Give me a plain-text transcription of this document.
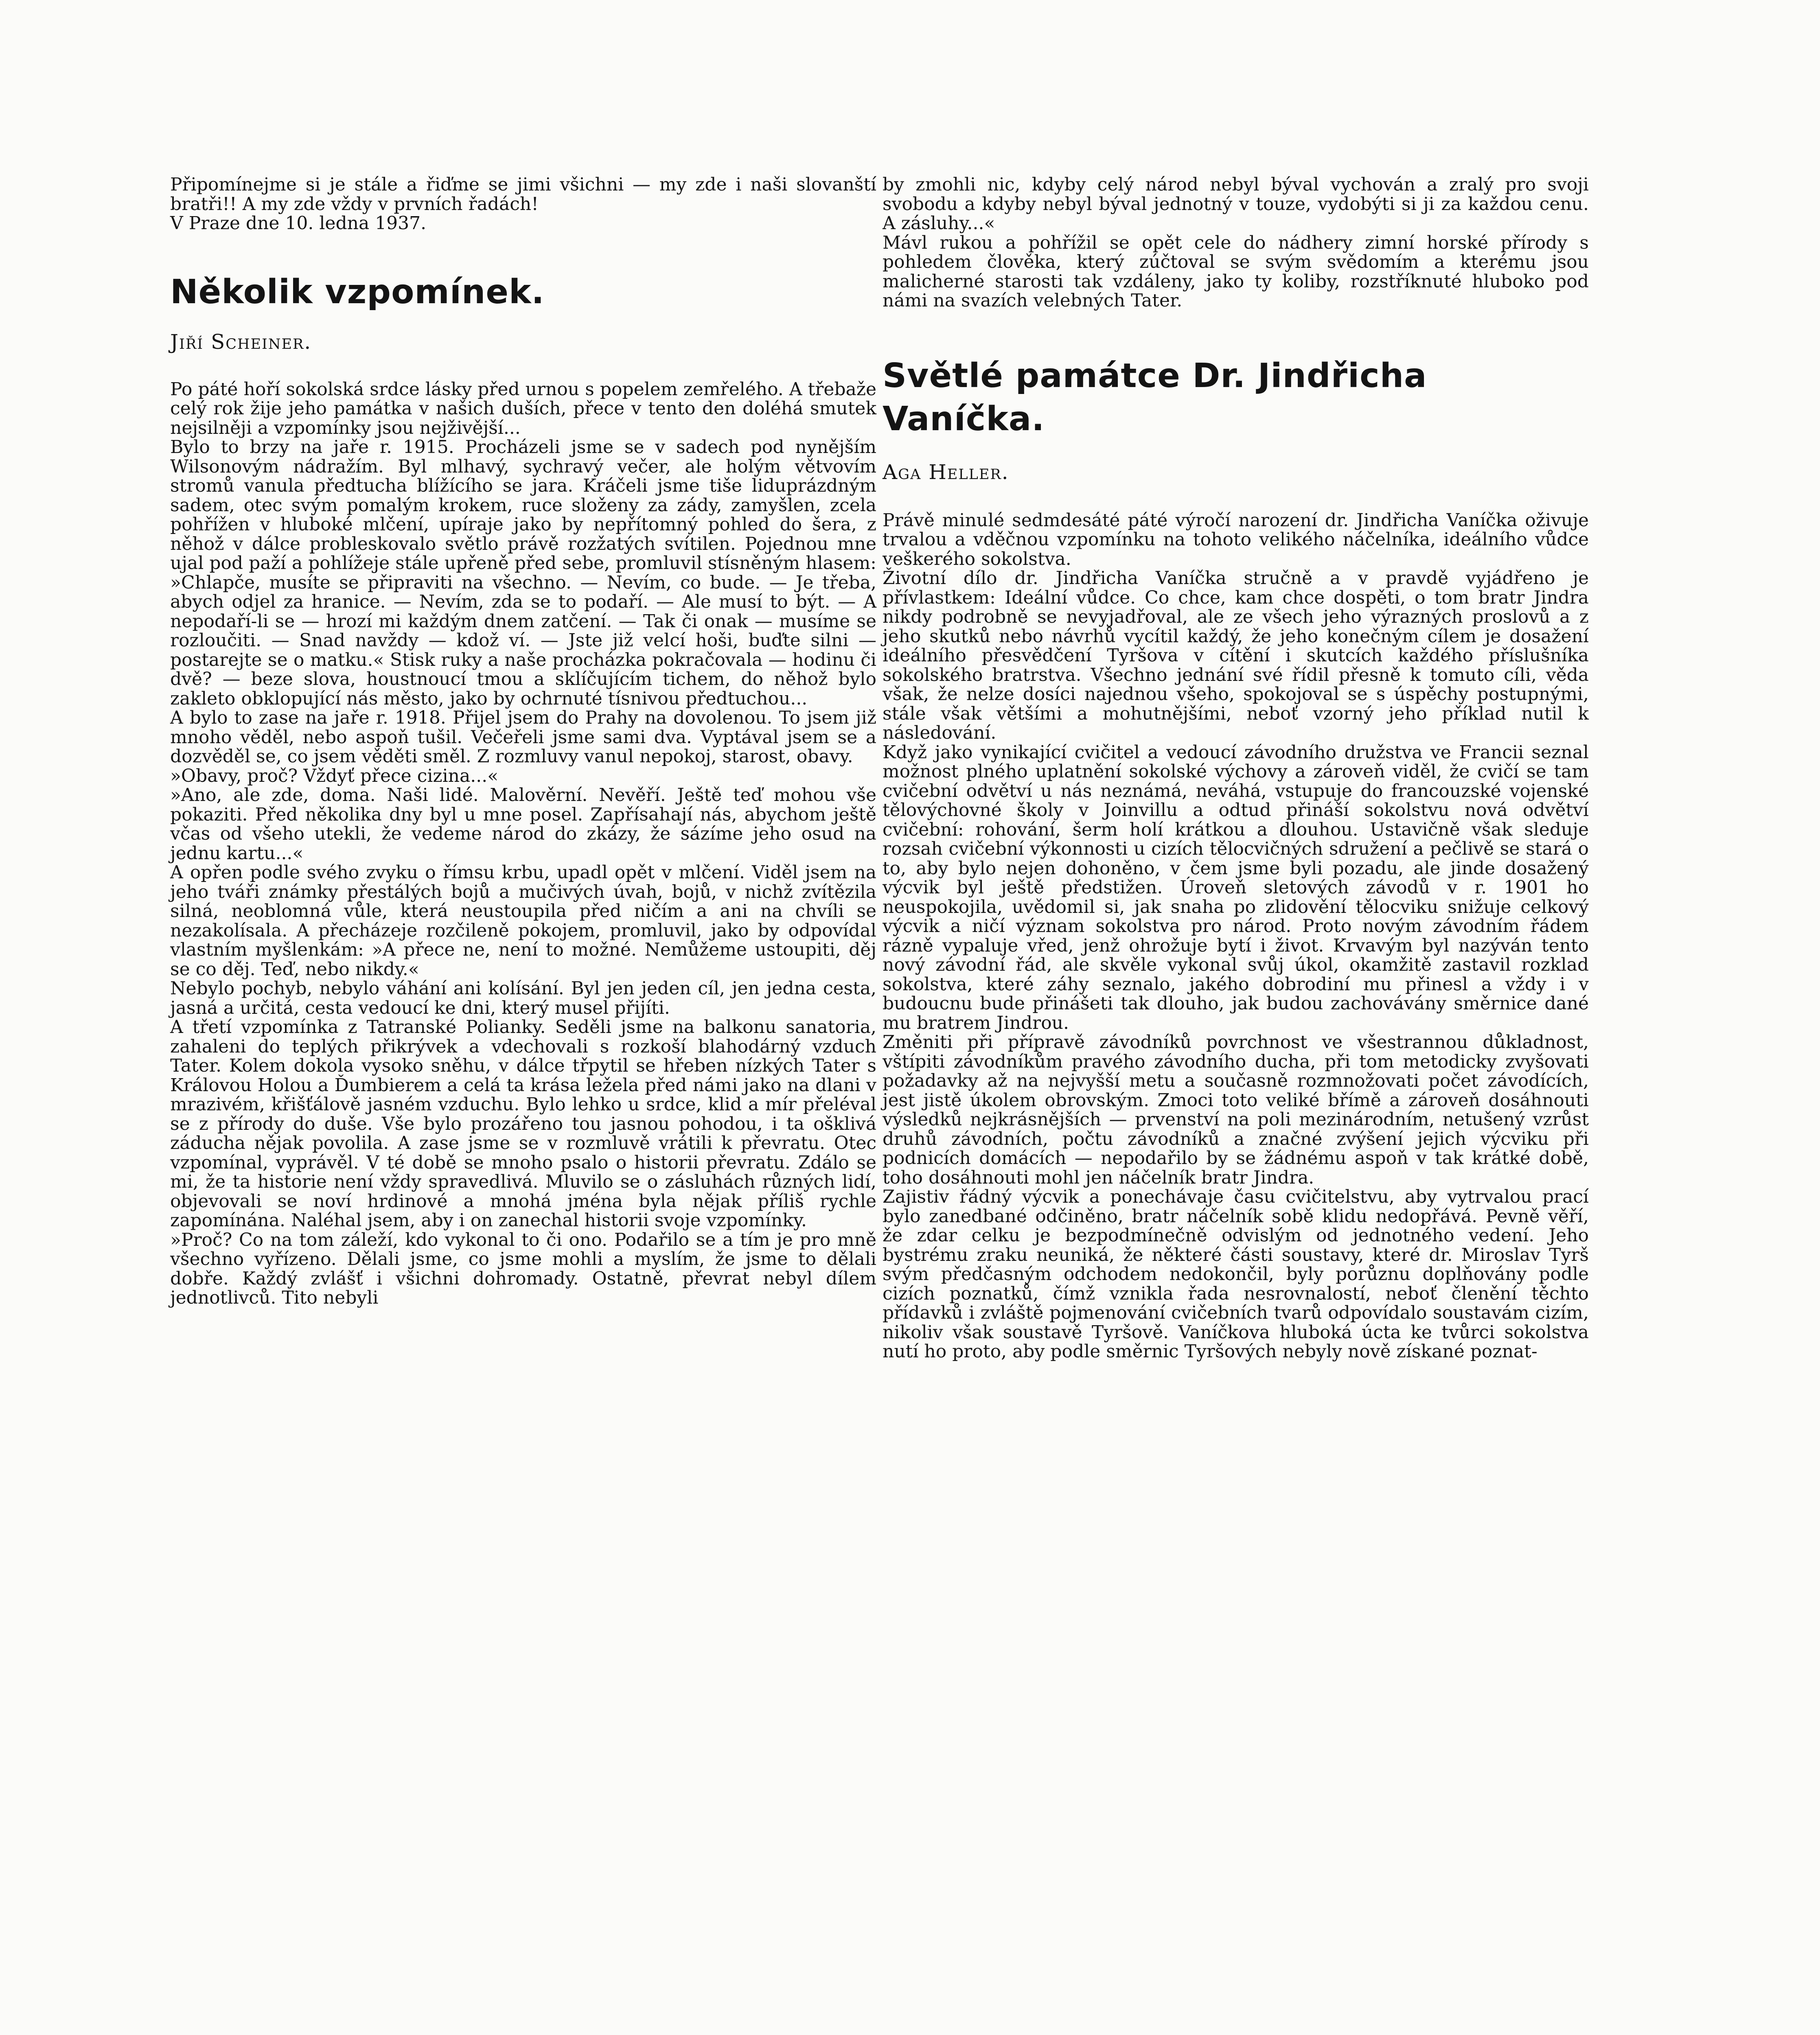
Připomínejme si je stále a řiďme se jimi všichni — my zde i naši slovanští bratři!! A my zde vždy v prvních řadách!

V Praze dne 10. ledna 1937.

Několik vzpomínek.

Jiří Scheiner.

Po páté hoří sokolská srdce lásky před urnou s popelem zemřelého. A třebaže celý rok žije jeho památka v našich duších, přece v tento den doléhá smutek nejsilněji a vzpomínky jsou nejživější...

Bylo to brzy na jaře r. 1915. Procházeli jsme se v sadech pod nynějším Wilsonovým nádražím. Byl mlhavý, sychravý večer, ale holým větvovím stromů vanula předtucha blížícího se jara. Kráčeli jsme tiše liduprázdným sadem, otec svým pomalým krokem, ruce složeny za zády, zamyšlen, zcela pohřížen v hluboké mlčení, upíraje jako by nepřítomný pohled do šera, z něhož v dálce probleskovalo světlo právě rozžatých svítilen. Pojednou mne ujal pod paží a pohlížeje stále upřeně před sebe, promluvil stísněným hlasem: »Chlapče, musíte se připraviti na všechno. — Nevím, co bude. — Je třeba, abych odjel za hranice. — Nevím, zda se to podaří. — Ale musí to být. — A nepodaří-li se — hrozí mi každým dnem zatčení. — Tak či onak — musíme se rozloučiti. — Snad navždy — kdož ví. — Jste již velcí hoši, buďte silni — postarejte se o matku.« Stisk ruky a naše procházka pokračovala — hodinu či dvě? — beze slova, houstnoucí tmou a sklíčujícím tichem, do něhož bylo zakleto obklopující nás město, jako by ochrnuté tísnivou předtuchou...

A bylo to zase na jaře r. 1918. Přijel jsem do Prahy na dovolenou. To jsem již mnoho věděl, nebo aspoň tušil. Večeřeli jsme sami dva. Vyptával jsem se a dozvěděl se, co jsem věděti směl. Z rozmluvy vanul nepokoj, starost, obavy.

»Obavy, proč? Vždyť přece cizina...«

»Ano, ale zde, doma. Naši lidé. Malověrní. Nevěří. Ještě teď mohou vše pokaziti. Před několika dny byl u mne posel. Zapřísahají nás, abychom ještě včas od všeho utekli, že vedeme národ do zkázy, že sázíme jeho osud na jednu kartu...«

A opřen podle svého zvyku o římsu krbu, upadl opět v mlčení. Viděl jsem na jeho tváři známky přestálých bojů a mučivých úvah, bojů, v nichž zvítězila silná, neoblomná vůle, která neustoupila před ničím a ani na chvíli se nezakolísala. A přecházeje rozčileně pokojem, promluvil, jako by odpovídal vlastním myšlenkám: »A přece ne, není to možné. Nemůžeme ustoupiti, děj se co děj. Teď, nebo nikdy.«

Nebylo pochyb, nebylo váhání ani kolísání. Byl jen jeden cíl, jen jedna cesta, jasná a určitá, cesta vedoucí ke dni, který musel přijíti.

A třetí vzpomínka z Tatranské Polianky. Seděli jsme na balkonu sanatoria, zahaleni do teplých přikrývek a vdechovali s rozkoší blahodárný vzduch Tater. Kolem dokola vysoko sněhu, v dálce třpytil se hřeben nízkých Tater s Královou Holou a Ďumbierem a celá ta krása ležela před námi jako na dlani v mrazivém, křišťálově jasném vzduchu. Bylo lehko u srdce, klid a mír přeléval se z přírody do duše. Vše bylo prozářeno tou jasnou pohodou, i ta ošklivá záducha nějak povolila. A zase jsme se v rozmluvě vrátili k převratu. Otec vzpomínal, vyprávěl. V té době se mnoho psalo o historii převratu. Zdálo se mi, že ta historie není vždy spravedlivá. Mluvilo se o zásluhách různých lidí, objevovali se noví hrdinové a mnohá jména byla nějak příliš rychle zapomínána. Naléhal jsem, aby i on zanechal historii svoje vzpomínky.

»Proč? Co na tom záleží, kdo vykonal to či ono. Podařilo se a tím je pro mně všechno vyřízeno. Dělali jsme, co jsme mohli a myslím, že jsme to dělali dobře. Každý zvlášť i všichni dohromady. Ostatně, převrat nebyl dílem jednotlivců. Tito nebyli

by zmohli nic, kdyby celý národ nebyl býval vychován a zralý pro svoji svobodu a kdyby nebyl býval jednotný v touze, vydobýti si ji za každou cenu. A zásluhy...«

Mávl rukou a pohřížil se opět cele do nádhery zimní horské přírody s pohledem člověka, který zúčtoval se svým svědomím a kterému jsou malicherné starosti tak vzdáleny, jako ty koliby, rozstříknuté hluboko pod námi na svazích velebných Tater.

Světlé památce Dr. Jindřicha Vaníčka.

Aga Heller.

Právě minulé sedmdesáté páté výročí narození dr. Jindřicha Vaníčka oživuje trvalou a vděčnou vzpomínku na tohoto velikého náčelníka, ideálního vůdce veškerého sokolstva.

Životní dílo dr. Jindřicha Vaníčka stručně a v pravdě vyjádřeno je přívlastkem: Ideální vůdce. Co chce, kam chce dospěti, o tom bratr Jindra nikdy podrobně se nevyjadřoval, ale ze všech jeho výrazných proslovů a z jeho skutků nebo návrhů vycítil každý, že jeho konečným cílem je dosažení ideálního přesvědčení Tyršova v cítění i skutcích každého příslušníka sokolského bratrstva. Všechno jednání své řídil přesně k tomuto cíli, věda však, že nelze dosíci najednou všeho, spokojoval se s úspěchy postupnými, stále však většími a mohutnějšími, neboť vzorný jeho příklad nutil k následování.

Když jako vynikající cvičitel a vedoucí závodního družstva ve Francii seznal možnost plného uplatnění sokolské výchovy a zároveň viděl, že cvičí se tam cvičební odvětví u nás neznámá, neváhá, vstupuje do francouzské vojenské tělovýchovné školy v Joinvillu a odtud přináší sokolstvu nová odvětví cvičební: rohování, šerm holí krátkou a dlouhou. Ustavičně však sleduje rozsah cvičební výkonnosti u cizích tělocvičných sdružení a pečlivě se stará o to, aby bylo nejen dohoněno, v čem jsme byli pozadu, ale jinde dosažený výcvik byl ještě předstižen. Úroveň sletových závodů v r. 1901 ho neuspokojila, uvědomil si, jak snaha po zlidovění tělocviku snižuje celkový výcvik a ničí význam sokolstva pro národ. Proto novým závodním řádem rázně vypaluje vřed, jenž ohrožuje bytí i život. Krvavým byl nazýván tento nový závodní řád, ale skvěle vykonal svůj úkol, okamžitě zastavil rozklad sokolstva, které záhy seznalo, jakého dobrodiní mu přinesl a vždy i v budoucnu bude přinášeti tak dlouho, jak budou zachovávány směrnice dané mu bratrem Jindrou.

Změniti při přípravě závodníků povrchnost ve všestrannou důkladnost, vštípiti závodníkům pravého závodního ducha, při tom metodicky zvyšovati požadavky až na nejvyšší metu a současně rozmnožovati počet závodících, jest jistě úkolem obrovským. Zmoci toto veliké břímě a zároveň dosáhnouti výsledků nejkrásnějších — prvenství na poli mezinárodním, netušený vzrůst druhů závodních, počtu závodníků a značné zvýšení jejich výcviku při podnicích domácích — nepodařilo by se žádnému aspoň v tak krátké době, toho dosáhnouti mohl jen náčelník bratr Jindra.

Zajistiv řádný výcvik a ponechávaje času cvičitelstvu, aby vytrvalou prací bylo zanedbané odčiněno, bratr náčelník sobě klidu nedopřává. Pevně věří, že zdar celku je bezpodmínečně odvislým od jednotného vedení. Jeho bystrému zraku neuniká, že některé části soustavy, které dr. Miroslav Tyrš svým předčasným odchodem nedokončil, byly porůznu doplňovány podle cizích poznatků, čímž vznikla řada nesrovnalostí, neboť členění těchto přídavků i zvláště pojmenování cvičebních tvarů odpovídalo soustavám cizím, nikoliv však soustavě Tyršově. Vaníčkova hluboká úcta ke tvůrci sokolstva nutí ho proto, aby podle směrnic Tyršových nebyly nově získané poznat-
